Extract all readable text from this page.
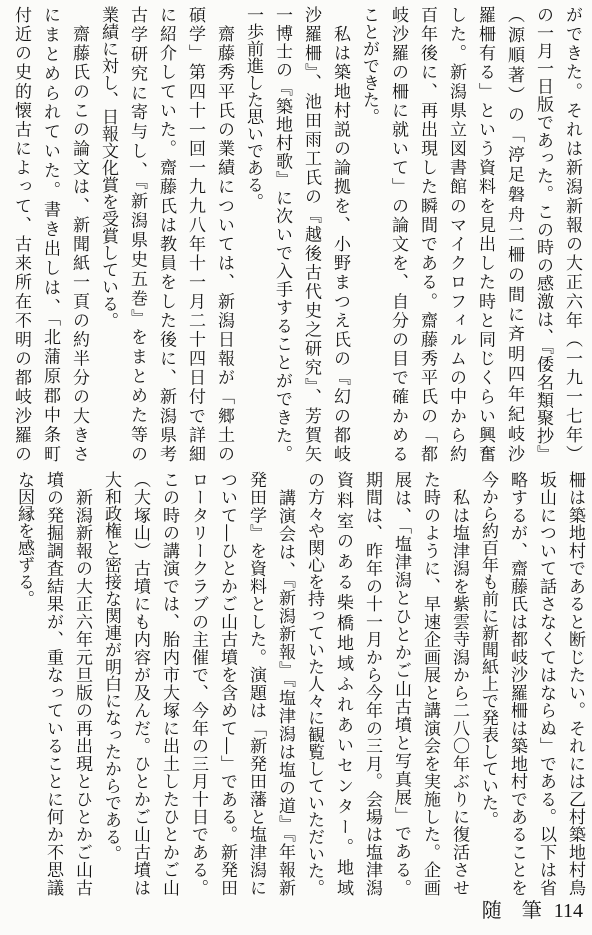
ができた。それは新潟新報の大正六年（一九一七年）
の一月一日版であった。この時の感激は、『倭名類聚抄』
（源順著）の「渟足磐舟二柵の間に斉明四年紀岐沙
羅柵有る」という資料を見出した時と同じくらい興奮
した。新潟県立図書館のマイクロフィルムの中から約
百年後に、再出現した瞬間である。齋藤秀平氏の「都
岐沙羅の柵に就いて」の論文を、自分の目で確かめる
ことができた。
　私は築地村説の論拠を、小野まつえ氏の『幻の都岐
沙羅柵』、池田雨工氏の『越後古代史之研究』、芳賀矢
一博士の『築地村歌』に次いで入手することができた。
一歩前進した思いである。
　齋藤秀平氏の業績については、新潟日報が「郷土の
碩学」第四十一回一九九八年十一月二十四日付で詳細
に紹介していた。齋藤氏は教員をした後に、新潟県考
古学研究に寄与し、『新潟県史五巻』をまとめた等の
業績に対し、日報文化賞を受賞している。
　齋藤氏のこの論文は、新聞紙一頁の約半分の大きさ
にまとめられていた。書き出しは、「北蒲原郡中条町
付近の史的懐古によって、古来所在不明の都岐沙羅の
柵は築地村であると断じたい。それには乙村築地村鳥
坂山について話さなくてはならぬ」である。以下は省
略するが、齋藤氏は都岐沙羅柵は築地村であることを
今から約百年も前に新聞紙上で発表していた。
　私は塩津潟を紫雲寺潟から二八〇年ぶりに復活させ
た時のように、早速企画展と講演会を実施した。企画
展は、「塩津潟とひとかご山古墳と写真展」である。
期間は、昨年の十一月から今年の三月。会場は塩津潟
資料室のある柴橋地域ふれあいセンター。地域
の方々や関心を持っていた人々に観覧していただいた。
　講演会は、『新潟新報』『塩津潟は塩の道』『年報新
発田学』を資料とした。演題は「新発田藩と塩津潟に
ついて―ひとかご山古墳を含めて―」である。新発田
ロータリークラブの主催で、今年の三月十日である。
この時の講演では、胎内市大塚に出土したひとかご山
（大塚山）古墳にも内容が及んだ。ひとかご山古墳は
大和政権と密接な関連が明白になったからである。
　新潟新報の大正六年元旦版の再出現とひとかご山古
墳の発掘調査結果が、重なっていることに何か不思議
な因縁を感ずる。
随　筆 114
